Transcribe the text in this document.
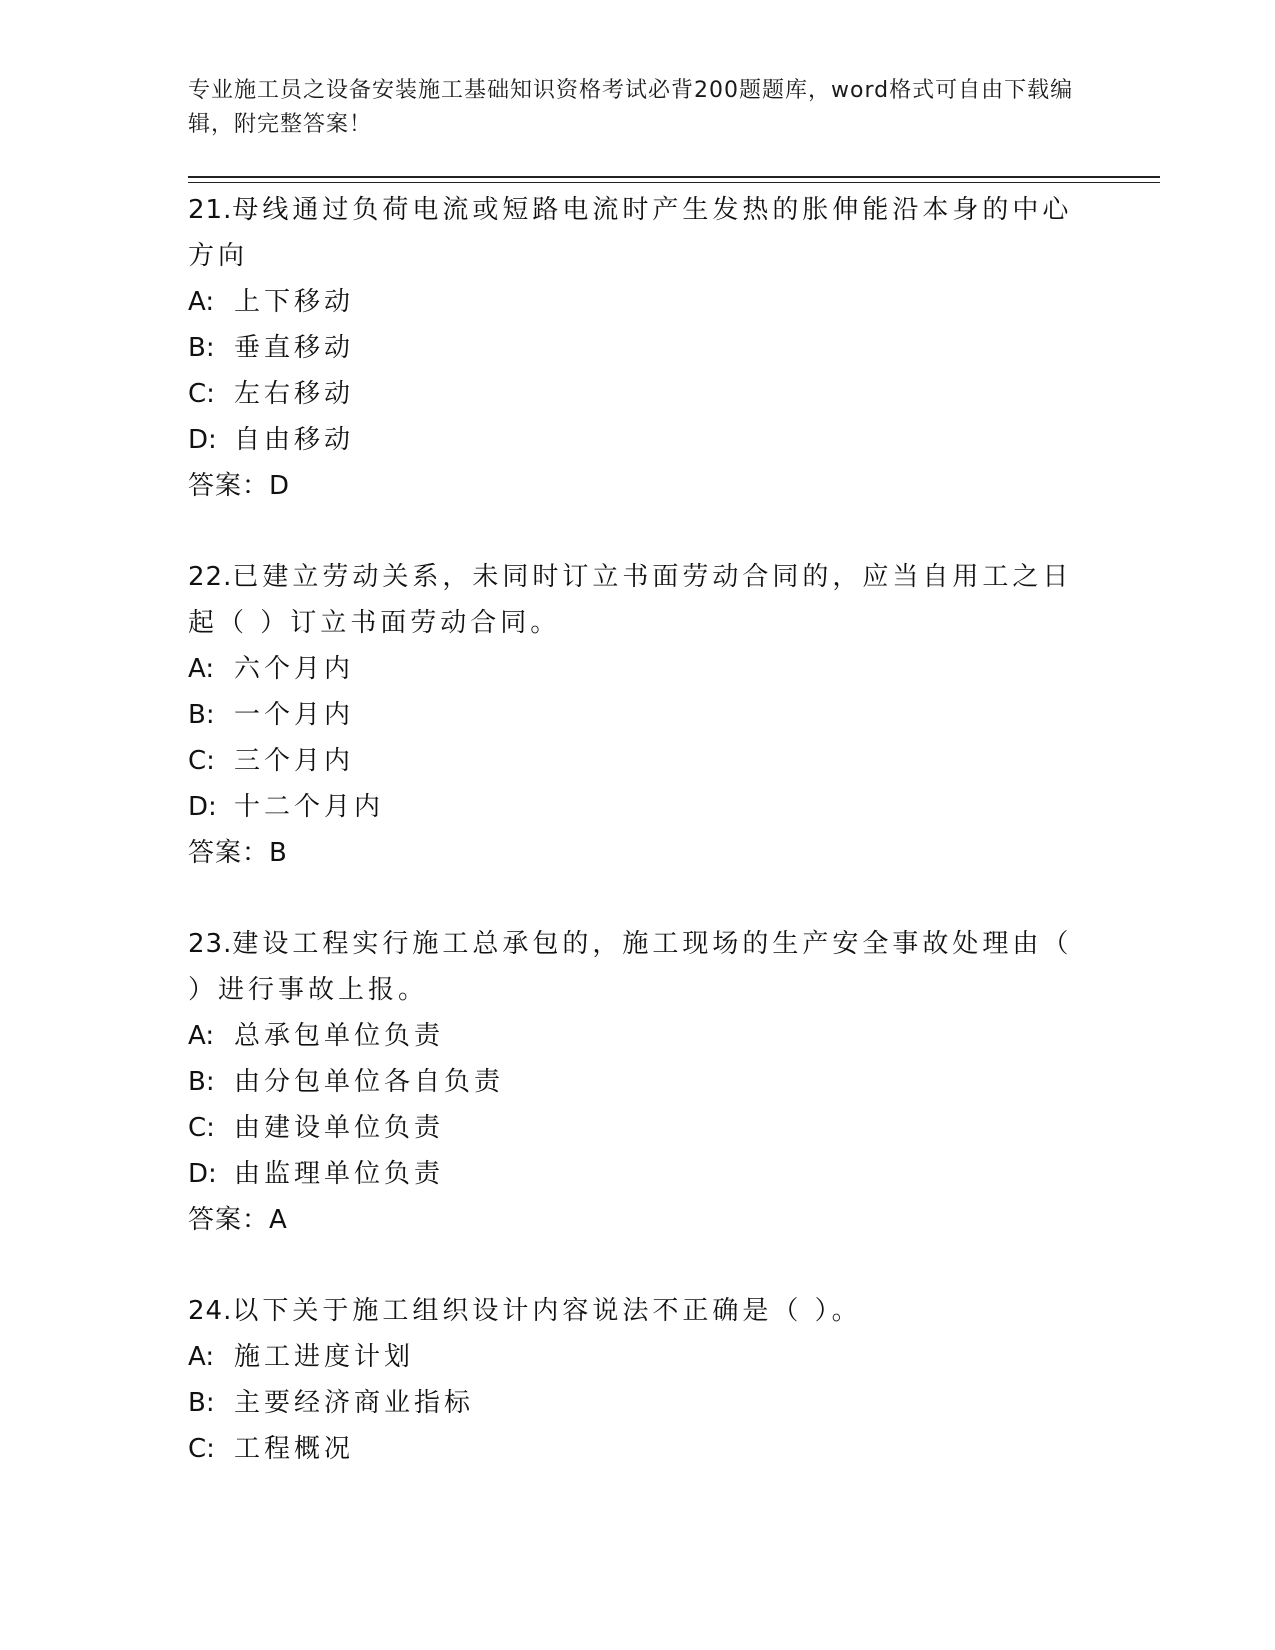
专业施工员之设备安装施工基础知识资格考试必背200题题库，word格式可自由下载编辑，附完整答案！

21.母线通过负荷电流或短路电流时产生发热的胀伸能沿本身的中心方向

A: 上下移动

B: 垂直移动

C: 左右移动

D: 自由移动

答案：D

22.已建立劳动关系，未同时订立书面劳动合同的，应当自用工之日起（ ）订立书面劳动合同。

A: 六个月内

B: 一个月内

C: 三个月内

D: 十二个月内

答案：B

23.建设工程实行施工总承包的，施工现场的生产安全事故处理由（ ）进行事故上报。

A: 总承包单位负责

B: 由分包单位各自负责

C: 由建设单位负责

D: 由监理单位负责

答案：A

24.以下关于施工组织设计内容说法不正确是（ ）。

A: 施工进度计划

B: 主要经济商业指标

C: 工程概况
